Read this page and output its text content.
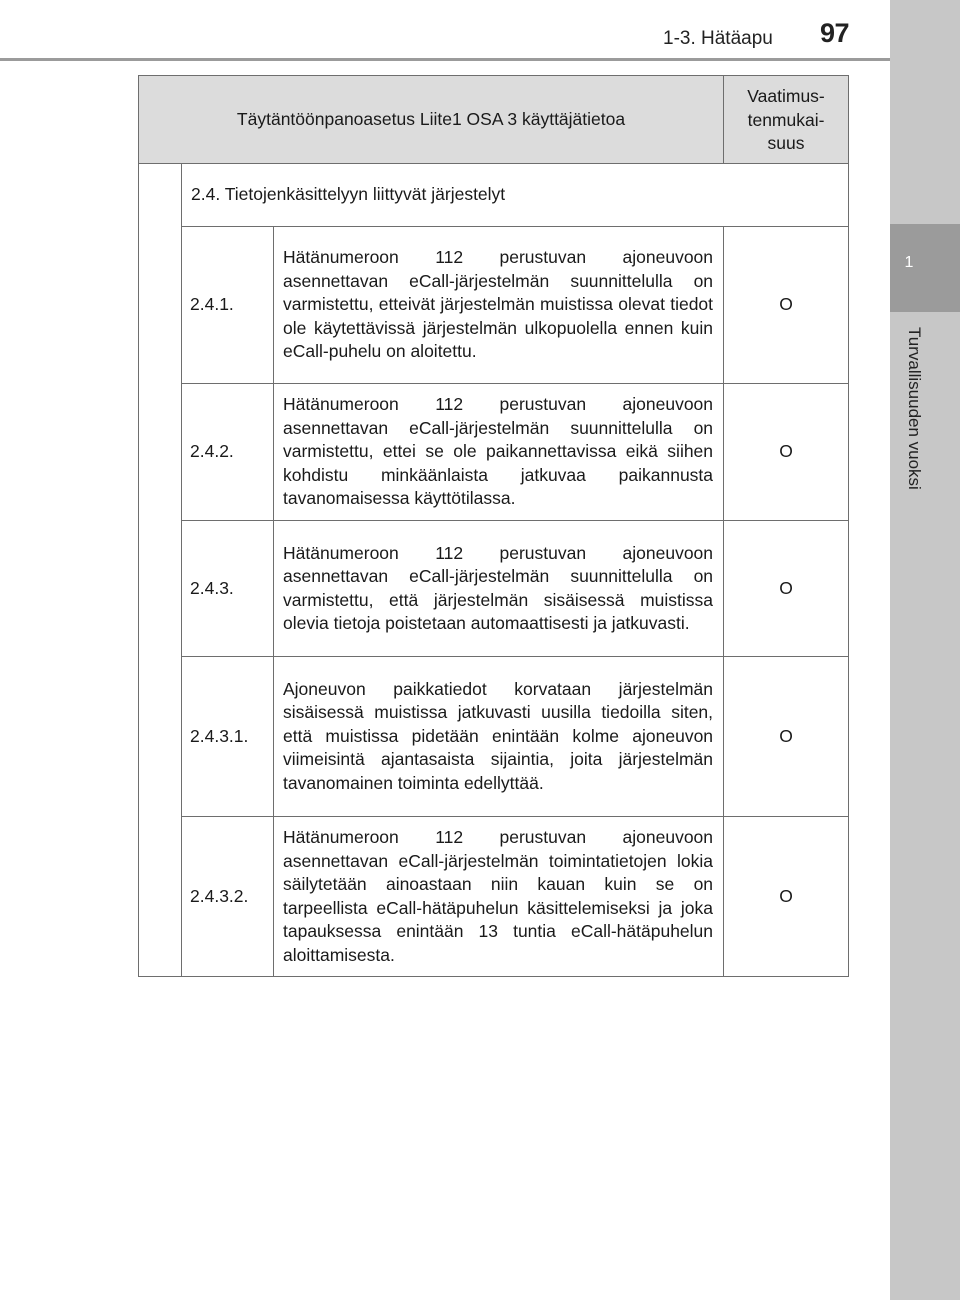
1-3. Hätäapu 97
1
Turvallisuuden vuoksi
Täytäntöönpanoasetus Liite1 OSA 3 käyttäjätietoa			Vaatimus-
tenmukai-
suus

	2.4. Tietojenkäsittelyyn liittyvät järjestelyt		
	2.4.1.	Hätänumeroon 112 perustuvan ajoneuvoon asennettavan eCall-järjestelmän suunnittelulla on varmistettu, etteivät järjestelmän muistissa olevat tiedot ole käytettävissä järjestelmän ulkopuolella ennen kuin eCall-puhelu on aloitettu.	O
	2.4.2.	Hätänumeroon 112 perustuvan ajoneuvoon asennettavan eCall-järjestelmän suunnittelulla on varmistettu, ettei se ole paikannettavissa eikä siihen kohdistu minkäänlaista jatkuvaa paikannusta tavanomaisessa käyttötilassa.	O
	2.4.3.	Hätänumeroon 112 perustuvan ajoneuvoon asennettavan eCall-järjestelmän suunnittelulla on varmistettu, että järjestelmän sisäisessä muistissa olevia tietoja poistetaan automaattisesti ja jatkuvasti.	O
	2.4.3.1.	Ajoneuvon paikkatiedot korvataan järjestelmän sisäisessä muistissa jatkuvasti uusilla tiedoilla siten, että muistissa pidetään enintään kolme ajoneuvon viimeisintä ajantasaista sijaintia, joita järjestelmän tavanomainen toiminta edellyttää.	O
	2.4.3.2.	Hätänumeroon 112 perustuvan ajoneuvoon asennettavan eCall-järjestelmän toimintatietojen lokia säilytetään ainoastaan niin kauan kuin se on tarpeellista eCall-hätäpuhelun käsittelemiseksi ja joka tapauksessa enintään 13 tuntia eCall-hätäpuhelun aloittamisesta.	O
